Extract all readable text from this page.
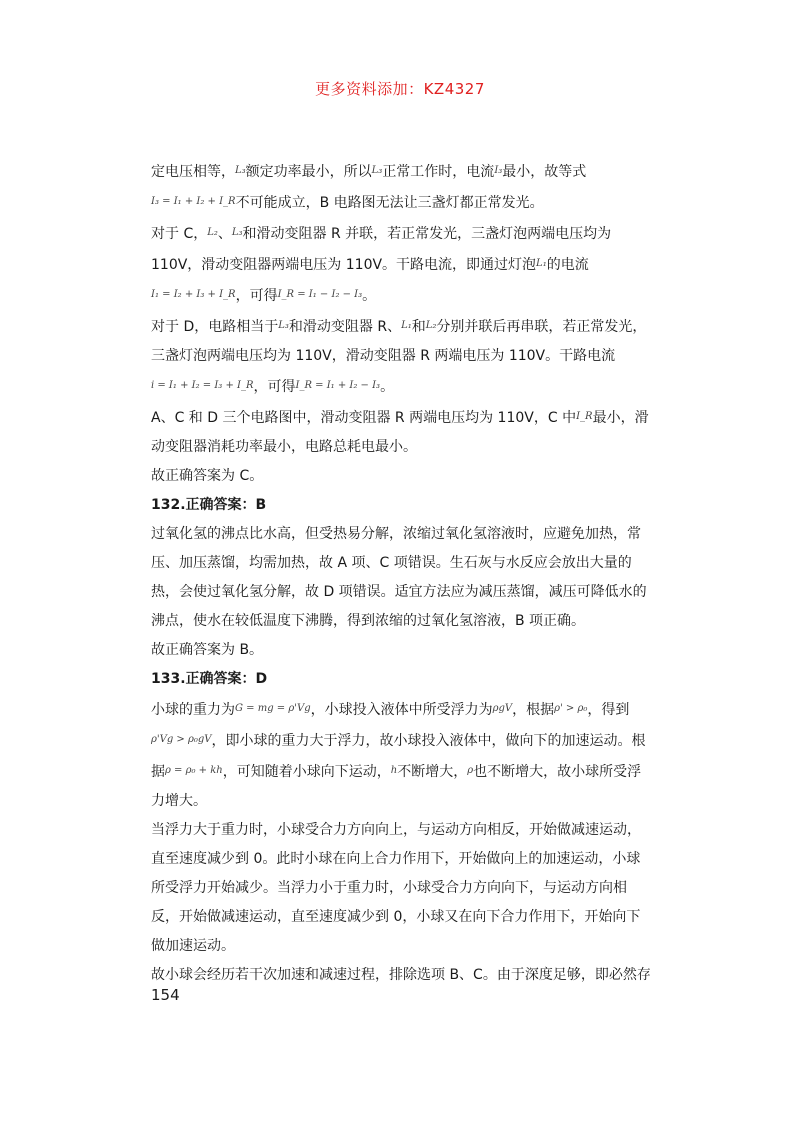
更多资料添加：KZ4327

定电压相等，$^{L_3}$额定功率最小，所以$^{L_3}$正常工作时，电流$^{I_3}$最小，故等式
$^{I_3 = I_1 + I_2 + I\_R}$不可能成立，B 电路图无法让三盏灯都正常发光。

对于 C，$^{L_2}$、$^{L_3}$和滑动变阻器 R 并联，若正常发光，三盏灯泡两端电压均为 110V，滑动变阻器两端电压为 110V。干路电流，即通过灯泡$^{L_1}$的电流$^{I_1 = I_2 + I_3 + I\_R}$，可得$^{I\_R = I_1 - I_2 - I_3}$。

对于 D，电路相当于$^{L_3}$和滑动变阻器 R、$^{L_1}$和$^{L_2}$分别并联后再串联，若正常发光，三盏灯泡两端电压均为 110V，滑动变阻器 R 两端电压为 110V。干路电流
$^{i = I_1 + I_2 = I_3 + I\_R}$，可得$^{I\_R = I_1 + I_2 - I_3}$。

A、C 和 D 三个电路图中，滑动变阻器 R 两端电压均为 110V，C 中$^{I\_R}$最小，滑动变阻器消耗功率最小，电路总耗电最小。

故正确答案为 C。

132.正确答案：B

过氧化氢的沸点比水高，但受热易分解，浓缩过氧化氢溶液时，应避免加热，常压、加压蒸馏，均需加热，故 A 项、C 项错误。生石灰与水反应会放出大量的热，会使过氧化氢分解，故 D 项错误。适宜方法应为减压蒸馏，减压可降低水的沸点，使水在较低温度下沸腾，得到浓缩的过氧化氢溶液，B 项正确。

故正确答案为 B。

133.正确答案：D

小球的重力为$^{G = mg = \rho'Vg}$，小球投入液体中所受浮力为$^{\rho gV}$，根据$^{\rho' > \rho_0}$，得到$^{\rho'Vg > \rho_0gV}$，即小球的重力大于浮力，故小球投入液体中，做向下的加速运动。根据$^{\rho = \rho_0 + kh}$，可知随着小球向下运动，$^h$不断增大，$^\rho$也不断增大，故小球所受浮力增大。

当浮力大于重力时，小球受合力方向向上，与运动方向相反，开始做减速运动，直至速度减少到 0。此时小球在向上合力作用下，开始做向上的加速运动，小球所受浮力开始减少。当浮力小于重力时，小球受合力方向向下，与运动方向相反，开始做减速运动，直至速度减少到 0，小球又在向下合力作用下，开始向下做加速运动。

故小球会经历若干次加速和减速过程，排除选项 B、C。由于深度足够，即必然存

154
